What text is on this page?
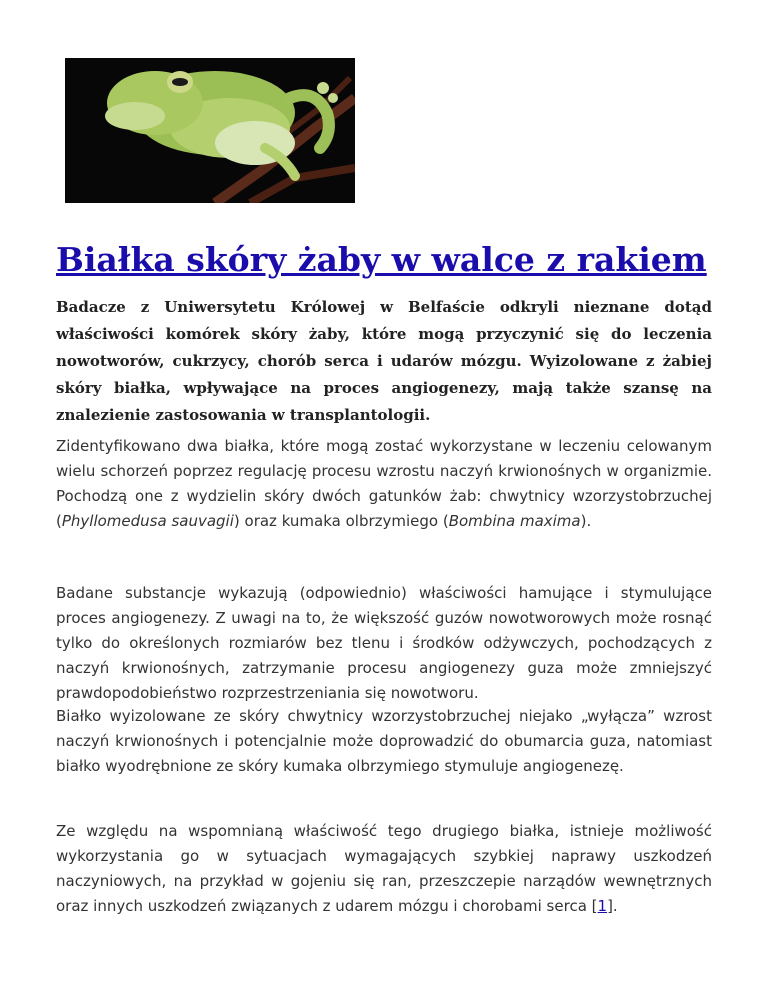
Białka skóry żaby w walce z rakiem

Badacze z Uniwersytetu Królowej w Belfaście odkryli nieznane dotąd właściwości komórek skóry żaby, które mogą przyczynić się do leczenia nowotworów, cukrzycy, chorób serca i udarów mózgu. Wyizolowane z żabiej skóry białka, wpływające na proces angiogenezy, mają także szansę na znalezienie zastosowania w transplantologii.

Zidentyfikowano dwa białka, które mogą zostać wykorzystane w leczeniu celowanym wielu schorzeń poprzez regulację procesu wzrostu naczyń krwionośnych w organizmie. Pochodzą one z wydzielin skóry dwóch gatunków żab: chwytnicy wzorzystobrzuchej (Phyllomedusa sauvagii) oraz kumaka olbrzymiego (Bombina maxima).

Badane substancje wykazują (odpowiednio) właściwości hamujące i stymulujące proces angiogenezy. Z uwagi na to, że większość guzów nowotworowych może rosnąć tylko do określonych rozmiarów bez tlenu i środków odżywczych, pochodzących z naczyń krwionośnych, zatrzymanie procesu angiogenezy guza może zmniejszyć prawdopodobieństwo rozprzestrzeniania się nowotworu.

Białko wyizolowane ze skóry chwytnicy wzorzystobrzuchej niejako „wyłącza” wzrost naczyń krwionośnych i potencjalnie może doprowadzić do obumarcia guza, natomiast białko wyodrębnione ze skóry kumaka olbrzymiego stymuluje angiogenezę.

Ze względu na wspomnianą właściwość tego drugiego białka, istnieje możliwość wykorzystania go w sytuacjach wymagających szybkiej naprawy uszkodzeń naczyniowych, na przykład w gojeniu się ran, przeszczepie narządów wewnętrznych oraz innych uszkodzeń związanych z udarem mózgu i chorobami serca [1].
